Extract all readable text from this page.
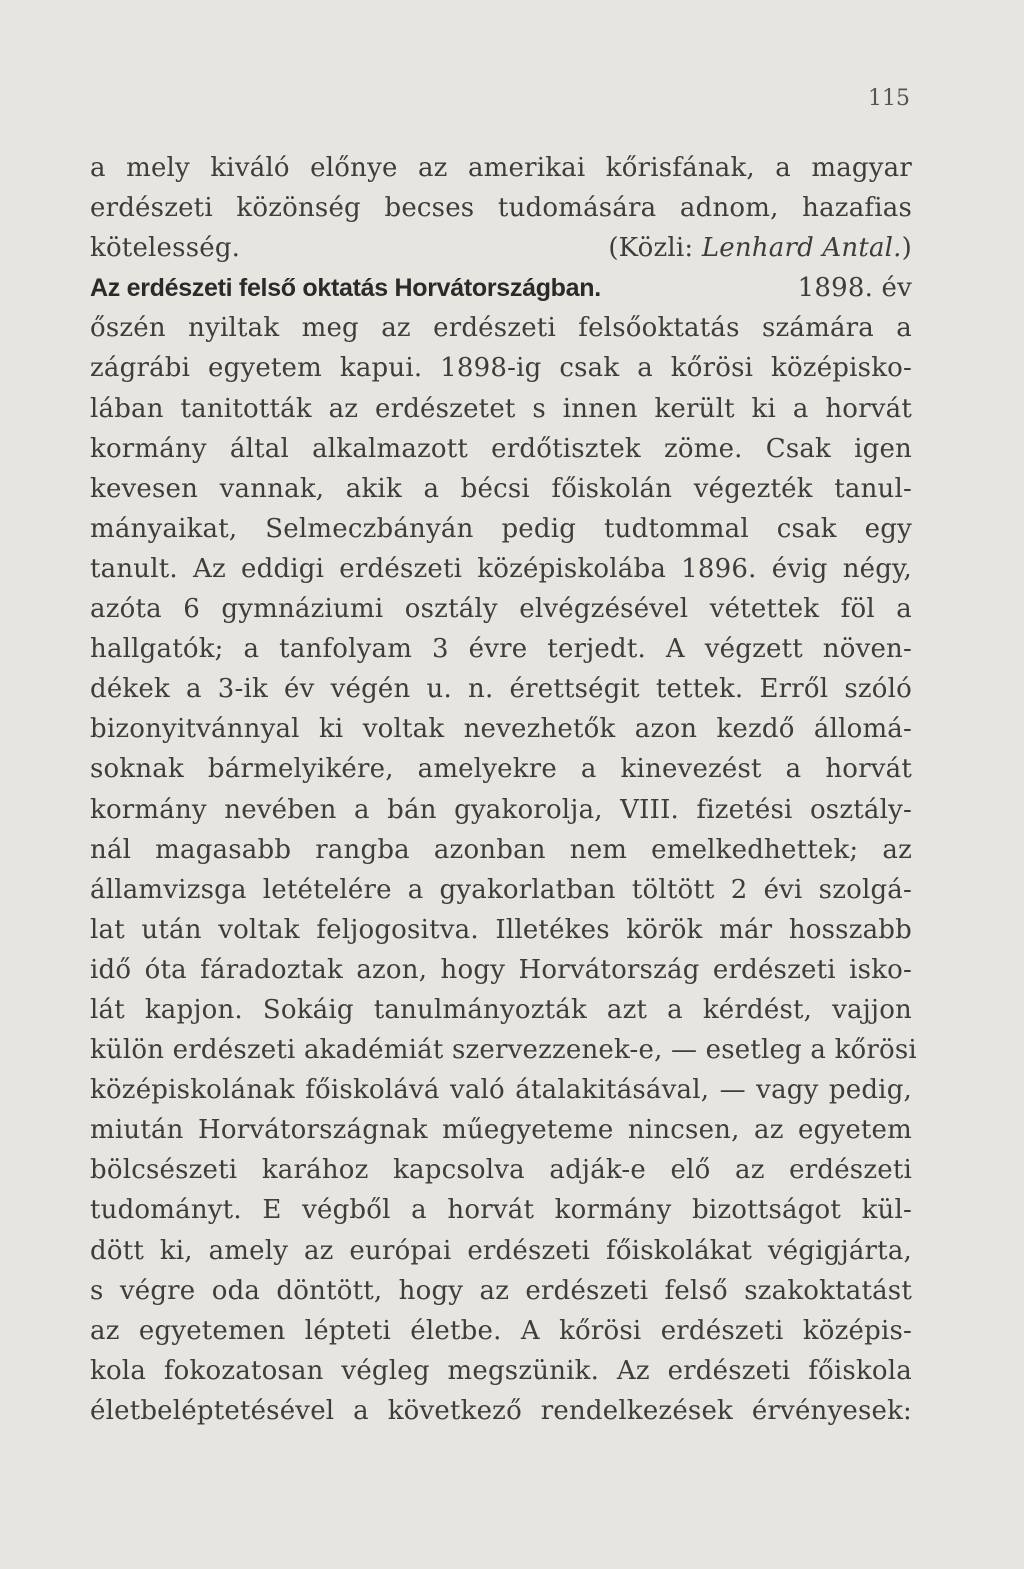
115
a mely kiváló előnye az amerikai kőrisfának, a magyar
erdészeti közönség becses tudomására adnom, hazafias
kötelesség.	(Közli: Lenhard Antal.)
Az erdészeti felső oktatás Horvátországban.	1898. év
őszén nyiltak meg az erdészeti felsőoktatás számára a
zágrábi egyetem kapui. 1898-ig csak a kőrösi középisko-
lában tanitották az erdészetet s innen került ki a horvát
kormány által alkalmazott erdőtisztek zöme. Csak igen
kevesen vannak, akik a bécsi főiskolán végezték tanul-
mányaikat, Selmeczbányán pedig tudtommal csak egy
tanult. Az eddigi erdészeti középiskolába 1896. évig négy,
azóta 6 gymnáziumi osztály elvégzésével vétettek föl a
hallgatók; a tanfolyam 3 évre terjedt. A végzett növen-
dékek a 3-ik év végén u. n. érettségit tettek. Erről szóló
bizonyitvánnyal ki voltak nevezhetők azon kezdő állomá-
soknak bármelyikére, amelyekre a kinevezést a horvát
kormány nevében a bán gyakorolja, VIII. fizetési osztály-
nál magasabb rangba azonban nem emelkedhettek; az
államvizsga letételére a gyakorlatban töltött 2 évi szolgá-
lat után voltak feljogositva. Illetékes körök már hosszabb
idő óta fáradoztak azon, hogy Horvátország erdészeti isko-
lát kapjon. Sokáig tanulmányozták azt a kérdést, vajjon
külön erdészeti akadémiát szervezzenek-e, — esetleg a kőrösi
középiskolának főiskolává való átalakitásával, — vagy pedig,
miután Horvátországnak műegyeteme nincsen, az egyetem
bölcsészeti karához kapcsolva adják-e elő az erdészeti
tudományt. E végből a horvát kormány bizottságot kül-
dött ki, amely az európai erdészeti főiskolákat végigjárta,
s végre oda döntött, hogy az erdészeti felső szakoktatást
az egyetemen lépteti életbe. A kőrösi erdészeti középis-
kola fokozatosan végleg megszünik. Az erdészeti főiskola
életbeléptetésével a következő rendelkezések érvényesek:
